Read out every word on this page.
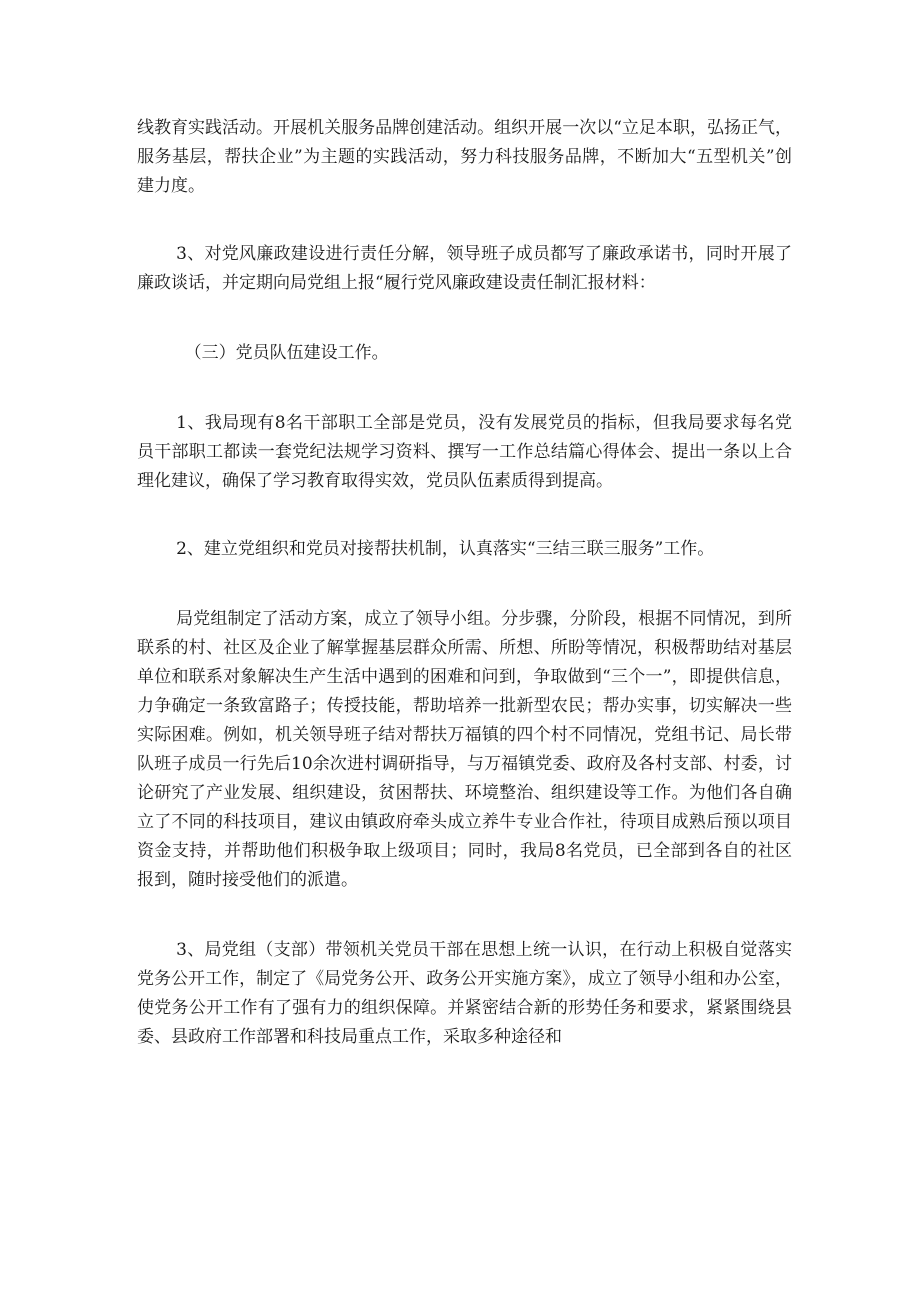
线教育实践活动。开展机关服务品牌创建活动。组织开展一次以“立足本职，弘扬正气，服务基层，帮扶企业”为主题的实践活动，努力科技服务品牌，不断加大“五型机关”创建力度。

3、对党风廉政建设进行责任分解，领导班子成员都写了廉政承诺书，同时开展了廉政谈话，并定期向局党组上报“履行党风廉政建设责任制汇报材料：

（三）党员队伍建设工作。

1、我局现有8名干部职工全部是党员，没有发展党员的指标，但我局要求每名党员干部职工都读一套党纪法规学习资料、撰写一工作总结篇心得体会、提出一条以上合理化建议，确保了学习教育取得实效，党员队伍素质得到提高。

2、建立党组织和党员对接帮扶机制，认真落实“三结三联三服务”工作。

局党组制定了活动方案，成立了领导小组。分步骤，分阶段，根据不同情况，到所联系的村、社区及企业了解掌握基层群众所需、所想、所盼等情况，积极帮助结对基层单位和联系对象解决生产生活中遇到的困难和问到，争取做到“三个一”，即提供信息，力争确定一条致富路子；传授技能，帮助培养一批新型农民；帮办实事，切实解决一些实际困难。例如，机关领导班子结对帮扶万福镇的四个村不同情况，党组书记、局长带队班子成员一行先后10余次进村调研指导，与万福镇党委、政府及各村支部、村委，讨论研究了产业发展、组织建设，贫困帮扶、环境整治、组织建设等工作。为他们各自确立了不同的科技项目，建议由镇政府牵头成立养牛专业合作社，待项目成熟后预以项目资金支持，并帮助他们积极争取上级项目；同时，我局8名党员，已全部到各自的社区报到，随时接受他们的派遣。

3、局党组（支部）带领机关党员干部在思想上统一认识，在行动上积极自觉落实党务公开工作，制定了《局党务公开、政务公开实施方案》，成立了领导小组和办公室，使党务公开工作有了强有力的组织保障。并紧密结合新的形势任务和要求，紧紧围绕县委、县政府工作部署和科技局重点工作，采取多种途径和
